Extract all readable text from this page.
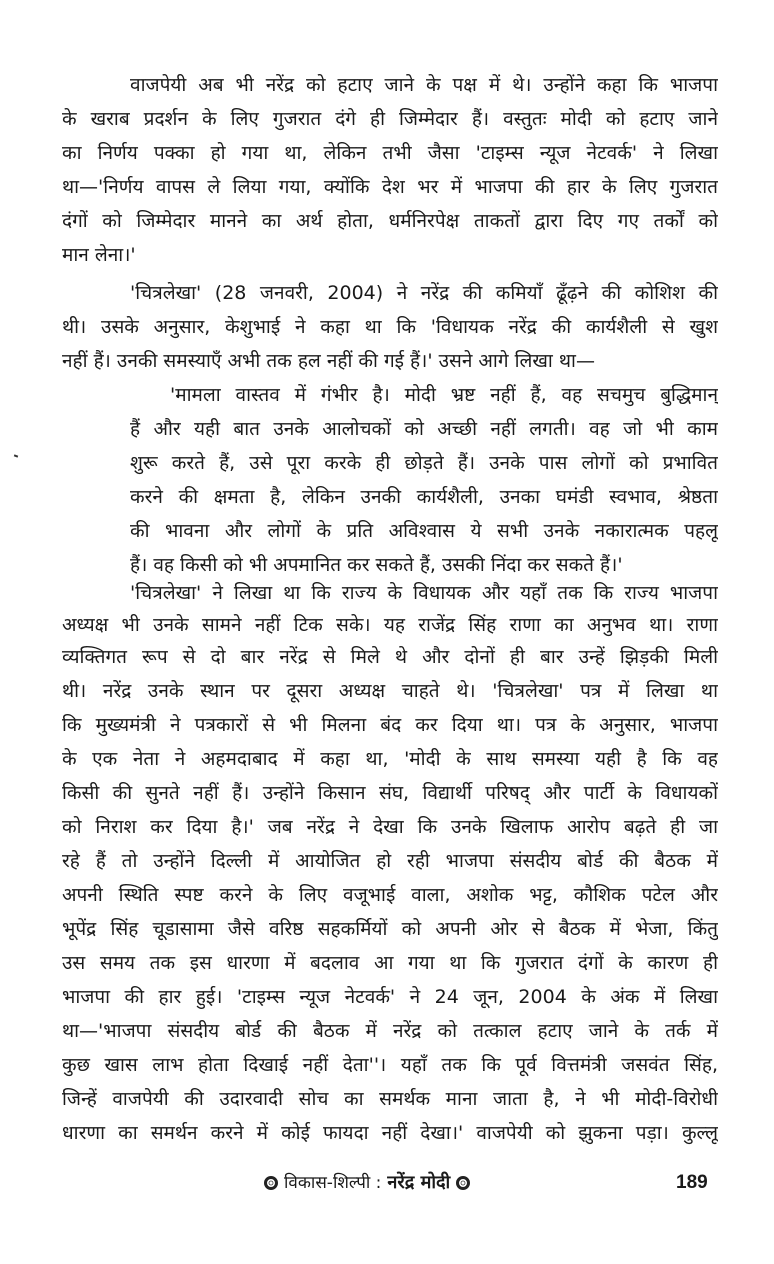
वाजपेयी अब भी नरेंद्र को हटाए जाने के पक्ष में थे। उन्होंने कहा कि भाजपा
के खराब प्रदर्शन के लिए गुजरात दंगे ही जिम्मेदार हैं। वस्तुतः मोदी को हटाए जाने
का निर्णय पक्का हो गया था, लेकिन तभी जैसा 'टाइम्स न्यूज नेटवर्क' ने लिखा
था—'निर्णय वापस ले लिया गया, क्योंकि देश भर में भाजपा की हार के लिए गुजरात
दंगों को जिम्मेदार मानने का अर्थ होता, धर्मनिरपेक्ष ताकतों द्वारा दिए गए तर्कों को
मान लेना।'
'चित्रलेखा' (28 जनवरी, 2004) ने नरेंद्र की कमियाँ ढूँढ़ने की कोशिश की
थी। उसके अनुसार, केशुभाई ने कहा था कि 'विधायक नरेंद्र की कार्यशैली से खुश
नहीं हैं। उनकी समस्याएँ अभी तक हल नहीं की गई हैं।' उसने आगे लिखा था—
'मामला वास्तव में गंभीर है। मोदी भ्रष्ट नहीं हैं, वह सचमुच बुद्धिमान्
हैं और यही बात उनके आलोचकों को अच्छी नहीं लगती। वह जो भी काम
शुरू करते हैं, उसे पूरा करके ही छोड़ते हैं। उनके पास लोगों को प्रभावित
करने की क्षमता है, लेकिन उनकी कार्यशैली, उनका घमंडी स्वभाव, श्रेष्ठता
की भावना और लोगों के प्रति अविश्वास ये सभी उनके नकारात्मक पहलू
हैं। वह किसी को भी अपमानित कर सकते हैं, उसकी निंदा कर सकते हैं।'
'चित्रलेखा' ने लिखा था कि राज्य के विधायक और यहाँ तक कि राज्य भाजपा
अध्यक्ष भी उनके सामने नहीं टिक सके। यह राजेंद्र सिंह राणा का अनुभव था। राणा
व्यक्तिगत रूप से दो बार नरेंद्र से मिले थे और दोनों ही बार उन्हें झिड़की मिली
थी। नरेंद्र उनके स्थान पर दूसरा अध्यक्ष चाहते थे। 'चित्रलेखा' पत्र में लिखा था
कि मुख्यमंत्री ने पत्रकारों से भी मिलना बंद कर दिया था। पत्र के अनुसार, भाजपा
के एक नेता ने अहमदाबाद में कहा था, 'मोदी के साथ समस्या यही है कि वह
किसी की सुनते नहीं हैं। उन्होंने किसान संघ, विद्यार्थी परिषद् और पार्टी के विधायकों
को निराश कर दिया है।' जब नरेंद्र ने देखा कि उनके खिलाफ आरोप बढ़ते ही जा
रहे हैं तो उन्होंने दिल्ली में आयोजित हो रही भाजपा संसदीय बोर्ड की बैठक में
अपनी स्थिति स्पष्ट करने के लिए वजूभाई वाला, अशोक भट्ट, कौशिक पटेल और
भूपेंद्र सिंह चूडासामा जैसे वरिष्ठ सहकर्मियों को अपनी ओर से बैठक में भेजा, किंतु
उस समय तक इस धारणा में बदलाव आ गया था कि गुजरात दंगों के कारण ही
भाजपा की हार हुई। 'टाइम्स न्यूज नेटवर्क' ने 24 जून, 2004 के अंक में लिखा
था—'भाजपा संसदीय बोर्ड की बैठक में नरेंद्र को तत्काल हटाए जाने के तर्क में
कुछ खास लाभ होता दिखाई नहीं देता''। यहाँ तक कि पूर्व वित्तमंत्री जसवंत सिंह,
जिन्हें वाजपेयी की उदारवादी सोच का समर्थक माना जाता है, ने भी मोदी-विरोधी
धारणा का समर्थन करने में कोई फायदा नहीं देखा।' वाजपेयी को झुकना पड़ा। कुल्लू
विकास-शिल्पी : नरेंद्र मोदी	189
